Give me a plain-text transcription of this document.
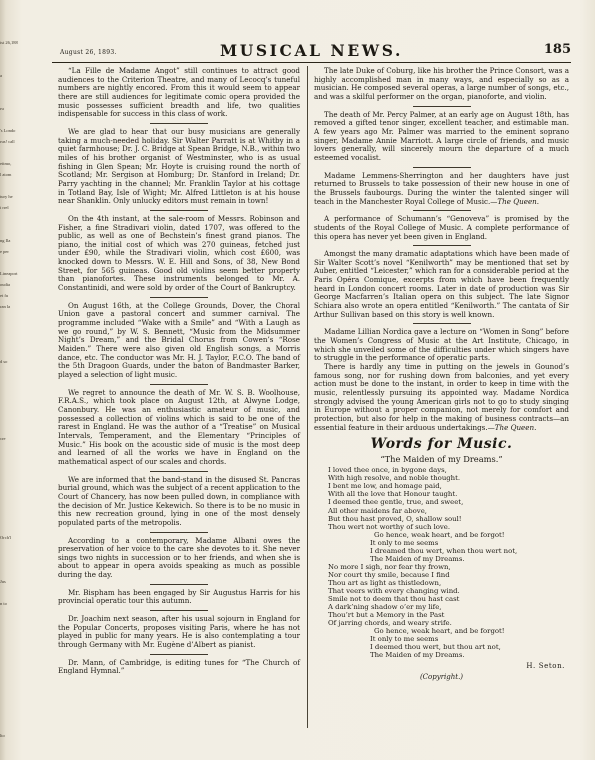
ist 26,188
a
ru
's Londo
rus! call
eitmo,
l atom
tury he
i rrel
ng Ila
e per
Lineaport
oudia
et fu
ran la
d so
cre
Orch'l
Jus
n to
lto
August 26, 1893.	MUSICAL NEWS.	185

“La Fille de Madame Angot” still continues to attract good audiences to the Criterion Theatre, and many of Lecocq’s tuneful numbers are nightly encored. From this it would seem to appear there are still audiences for legitimate comic opera provided the music possesses sufficient breadth and life, two qualities indispensable for success in this class of work.

We are glad to hear that our busy musicians are generally taking a much-needed holiday. Sir Walter Parratt is at Whitby in a quiet farmhouse; Dr. J. C. Bridge at Spean Bridge, N.B., within two miles of his brother organist of Westminster, who is as usual fishing in Glen Spean; Mr. Hoyte is cruising round the north of Scotland; Mr. Sergison at Homburg; Dr. Stanford in Ireland; Dr. Parry yachting in the channel; Mr. Franklin Taylor at his cottage in Totland Bay, Isle of Wight; Mr. Alfred Littleton is at his house near Shanklin. Only unlucky editors must remain in town!

On the 4th instant, at the sale-room of Messrs. Robinson and Fisher, a fine Stradivari violin, dated 1707, was offered to the public, as well as one of Bechstein’s finest grand pianos. The piano, the initial cost of which was 270 guineas, fetched just under £90, while the Stradivari violin, which cost £600, was knocked down to Messrs. W. E. Hill and Sons, of 38, New Bond Street, for 565 guineas. Good old violins seem better property than pianofortes. These instruments belonged to Mr. A. Constantinidi, and were sold by order of the Court of Bankruptcy.

On August 16th, at the College Grounds, Dover, the Choral Union gave a pastoral concert and summer carnival. The programme included “Wake with a Smile” and “With a Laugh as we go round,” by W. S. Bennett, “Music from the Midsummer Night’s Dream,” and the Bridal Chorus from Cowen’s “Rose Maiden.” There were also given old English songs, a Morris dance, etc. The conductor was Mr. H. J. Taylor, F.C.O. The band of the 5th Dragoon Guards, under the baton of Bandmaster Barker, played a selection of light music.

We regret to announce the death of Mr. W. S. B. Woolhouse, F.R.A.S., which took place on August 12th, at Alwyne Lodge, Canonbury. He was an enthusiastic amateur of music, and possessed a collection of violins which is said to be one of the rarest in England. He was the author of a “Treatise” on Musical Intervals, Temperament, and the Elementary “Principles of Music.” His book on the acoustic side of music is the most deep and learned of all the works we have in England on the mathematical aspect of our scales and chords.

We are informed that the band-stand in the disused St. Pancras burial ground, which was the subject of a recent application to the Court of Chancery, has now been pulled down, in compliance with the decision of Mr. Justice Kekewich. So there is to be no music in this new recreation ground, lying in one of the most densely populated parts of the metropolis.

According to a contemporary, Madame Albani owes the preservation of her voice to the care she devotes to it. She never sings two nights in succession or to her friends, and when she is about to appear in opera avoids speaking as much as possible during the day.

Mr. Bispham has been engaged by Sir Augustus Harris for his provincial operatic tour this autumn.

Dr. Joachim next season, after his usual sojourn in England for the Popular Concerts, proposes visiting Paris, where he has not played in public for many years. He is also contemplating a tour through Germany with Mr. Eugène d’Albert as pianist.

Dr. Mann, of Cambridge, is editing tunes for “The Church of England Hymnal.”

The late Duke of Coburg, like his brother the Prince Consort, was a highly accomplished man in many ways, and especially so as a musician. He composed several operas, a large number of songs, etc., and was a skilful performer on the organ, pianoforte, and violin.

The death of Mr. Percy Palmer, at an early age on August 18th, has removed a gifted tenor singer, excellent teacher, and estimable man. A few years ago Mr. Palmer was married to the eminent soprano singer, Madame Annie Marriott. A large circle of friends, and music lovers generally, will sincerely mourn the departure of a much esteemed vocalist.

Madame Lemmens-Sherrington and her daughters have just returned to Brussels to take possession of their new house in one of the Brussels faubourgs. During the winter the talented singer will teach in the Manchester Royal College of Music.—The Queen.

A performance of Schumann’s “Genoveva” is promised by the students of the Royal College of Music. A complete performance of this opera has never yet been given in England.

Amongst the many dramatic adaptations which have been made of Sir Walter Scott’s novel “Kenilworth” may be mentioned that set by Auber, entitled “Leicester,” which ran for a considerable period at the Paris Opéra Comique, excerpts from which have been frequently heard in London concert rooms. Later in date of production was Sir George Macfarren’s Italian opera on this subject. The late Signor Schiara also wrote an opera entitled “Kenilworth.” The cantata of Sir Arthur Sullivan based on this story is well known.

Madame Lillian Nordica gave a lecture on “Women in Song” before the Women’s Congress of Music at the Art Institute, Chicago, in which she unveiled some of the difficulties under which singers have to struggle in the performance of operatic parts.

There is hardly any time in putting on the jewels in Gounod’s famous song, nor for rushing down from balconies, and yet every action must be done to the instant, in order to keep in time with the music, relentlessly pursuing its appointed way. Madame Nordica strongly advised the young American girls not to go to study singing in Europe without a proper companion, not merely for comfort and protection, but also for help in the making of business contracts—an essential feature in their arduous undertakings.—The Queen.

Words for Music.
“The Maiden of my Dreams.”
I loved thee once, in bygone days,
With high resolve, and noble thought.
I bent me low, and homage paid,
With all the love that Honour taught.
I deemed thee gentle, true, and sweet,
All other maidens far above,
But thou hast proved, O, shallow soul!
Thou wert not worthy of such love.
Go hence, weak heart, and be forgot!
It only to me seems
I dreamed thou wert, when thou wert not,
The Maiden of my Dreams.
No more I sigh, nor fear thy frown,
Nor court thy smile, because I find
Thou art as light as thistledown,
That veers with every changing wind.
Smile not to deem that thou hast cast
A dark’ning shadow o’er my life,
Thou’rt but a Memory in the Past
Of jarring chords, and weary strife.
Go hence, weak heart, and be forgot!
It only to me seems
I deemed thou wert, but thou art not,
The Maiden of my Dreams.
H. Seton.
(Copyright.)
